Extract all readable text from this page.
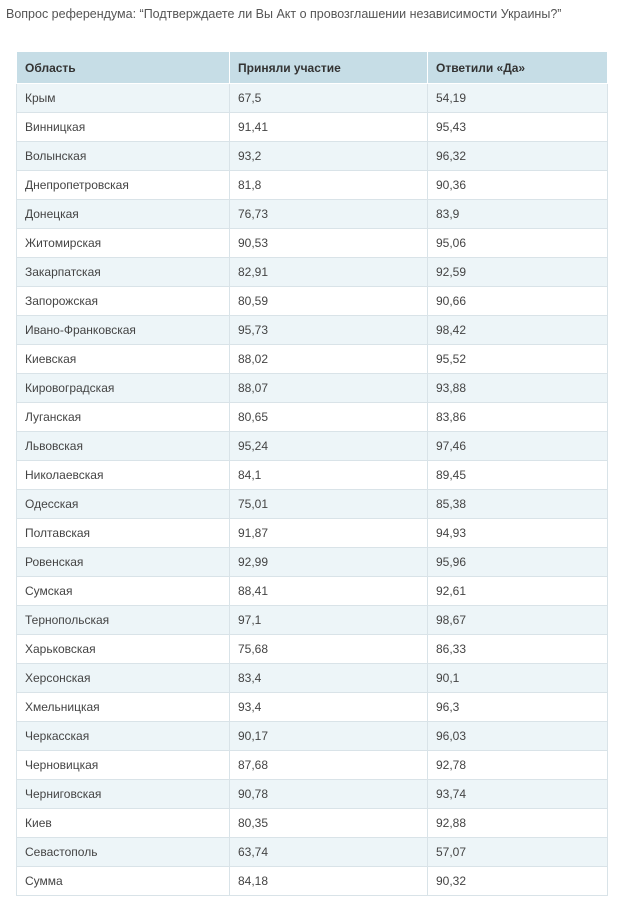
Вопрос референдума: “Подтверждаете ли Вы Акт о провозглашении независимости Украины?”
Область	Приняли участие	Ответили «Да»
Крым	67,5	54,19
Винницкая	91,41	95,43
Волынская	93,2	96,32
Днепропетровская	81,8	90,36
Донецкая	76,73	83,9
Житомирская	90,53	95,06
Закарпатская	82,91	92,59
Запорожская	80,59	90,66
Ивано-Франковская	95,73	98,42
Киевская	88,02	95,52
Кировоградская	88,07	93,88
Луганская	80,65	83,86
Львовская	95,24	97,46
Николаевская	84,1	89,45
Одесская	75,01	85,38
Полтавская	91,87	94,93
Ровенская	92,99	95,96
Сумская	88,41	92,61
Тернопольская	97,1	98,67
Харьковская	75,68	86,33
Херсонская	83,4	90,1
Хмельницкая	93,4	96,3
Черкасская	90,17	96,03
Черновицкая	87,68	92,78
Черниговская	90,78	93,74
Киев	80,35	92,88
Севастополь	63,74	57,07
Сумма	84,18	90,32
